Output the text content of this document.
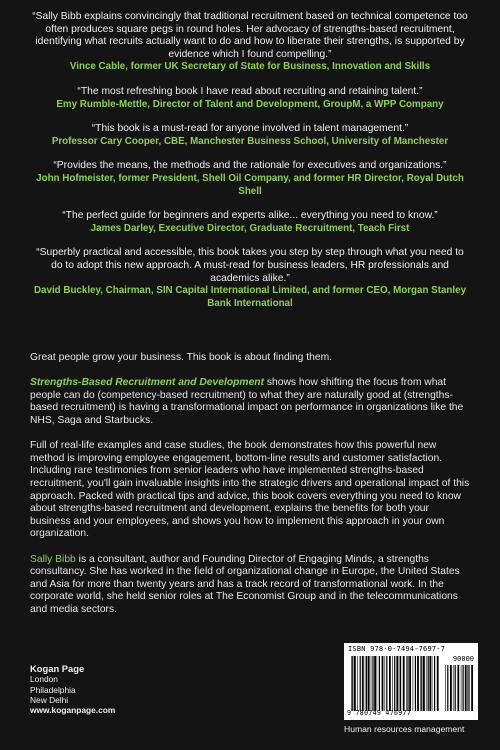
“Sally Bibb explains convincingly that traditional recruitment based on technical competence too often produces square pegs in round holes. Her advocacy of strengths-based recruitment, identifying what recruits actually want to do and how to liberate their strengths, is supported by evidence which I found compelling.”
Vince Cable, former UK Secretary of State for Business, Innovation and Skills
“The most refreshing book I have read about recruiting and retaining talent.”
Emy Rumble-Mettle, Director of Talent and Development, GroupM, a WPP Company
“This book is a must-read for anyone involved in talent management.”
Professor Cary Cooper, CBE, Manchester Business School, University of Manchester
“Provides the means, the methods and the rationale for executives and organizations.”
John Hofmeister, former President, Shell Oil Company, and former HR Director, Royal Dutch Shell
“The perfect guide for beginners and experts alike... everything you need to know.”
James Darley, Executive Director, Graduate Recruitment, Teach First
“Superbly practical and accessible, this book takes you step by step through what you need to do to adopt this new approach. A must-read for business leaders, HR professionals and academics alike.”
David Buckley, Chairman, SIN Capital International Limited, and former CEO, Morgan Stanley Bank International

Great people grow your business. This book is about finding them.

Strengths-Based Recruitment and Development shows how shifting the focus from what people can do (competency-based recruitment) to what they are naturally good at (strengths-based recruitment) is having a transformational impact on performance in organizations like the NHS, Saga and Starbucks.

Full of real-life examples and case studies, the book demonstrates how this powerful new method is improving employee engagement, bottom-line results and customer satisfaction. Including rare testimonies from senior leaders who have implemented strengths-based recruitment, you'll gain invaluable insights into the strategic drivers and operational impact of this approach. Packed with practical tips and advice, this book covers everything you need to know about strengths-based recruitment and development, explains the benefits for both your business and your employees, and shows you how to implement this approach in your own organization.

Sally Bibb is a consultant, author and Founding Director of Engaging Minds, a strengths consultancy. She has worked in the field of organizational change in Europe, the United States and Asia for more than twenty years and has a track record of transformational work. In the corporate world, she held senior roles at The Economist Group and in the telecommunications and media sectors.

Kogan Page
London
Philadelphia
New Delhi
www.koganpage.com
ISBN 978-0-7494-7697-7
90000
9 780749 476977
Human resources management
